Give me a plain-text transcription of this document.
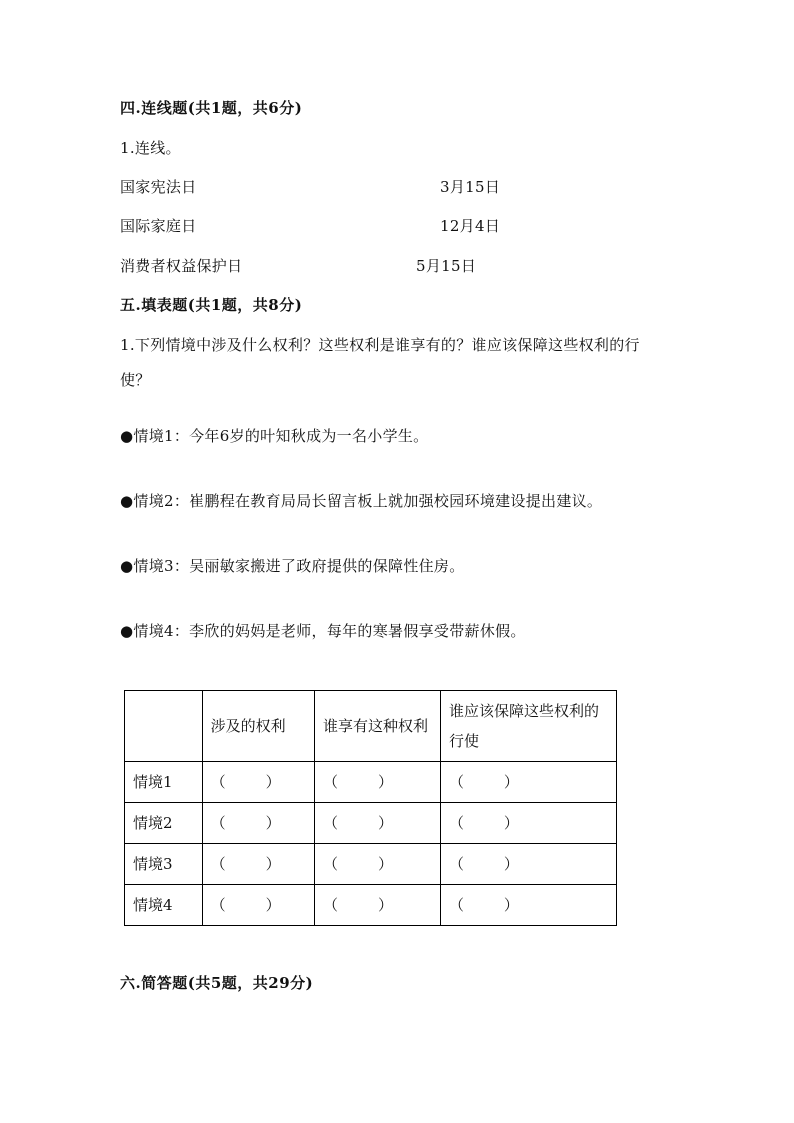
四.连线题(共1题，共6分)
1.连线。
国家宪法日	3月15日
国际家庭日	12月4日
消费者权益保护日	5月15日
五.填表题(共1题，共8分)
1.下列情境中涉及什么权利？这些权利是谁享有的？谁应该保障这些权利的行
使？
●情境1：今年6岁的叶知秋成为一名小学生。
●情境2：崔鹏程在教育局局长留言板上就加强校园环境建设提出建议。
●情境3：吴丽敏家搬进了政府提供的保障性住房。
●情境4：李欣的妈妈是老师，每年的寒暑假享受带薪休假。
	涉及的权利	谁享有这种权利	谁应该保障这些权利的行使
情境1	（ ）	（ ）	（ ）

情境2	（ ）	（ ）	（ ）

情境3	（ ）	（ ）	（ ）

情境4	（ ）	（ ）	（ ）
六.简答题(共5题，共29分)
